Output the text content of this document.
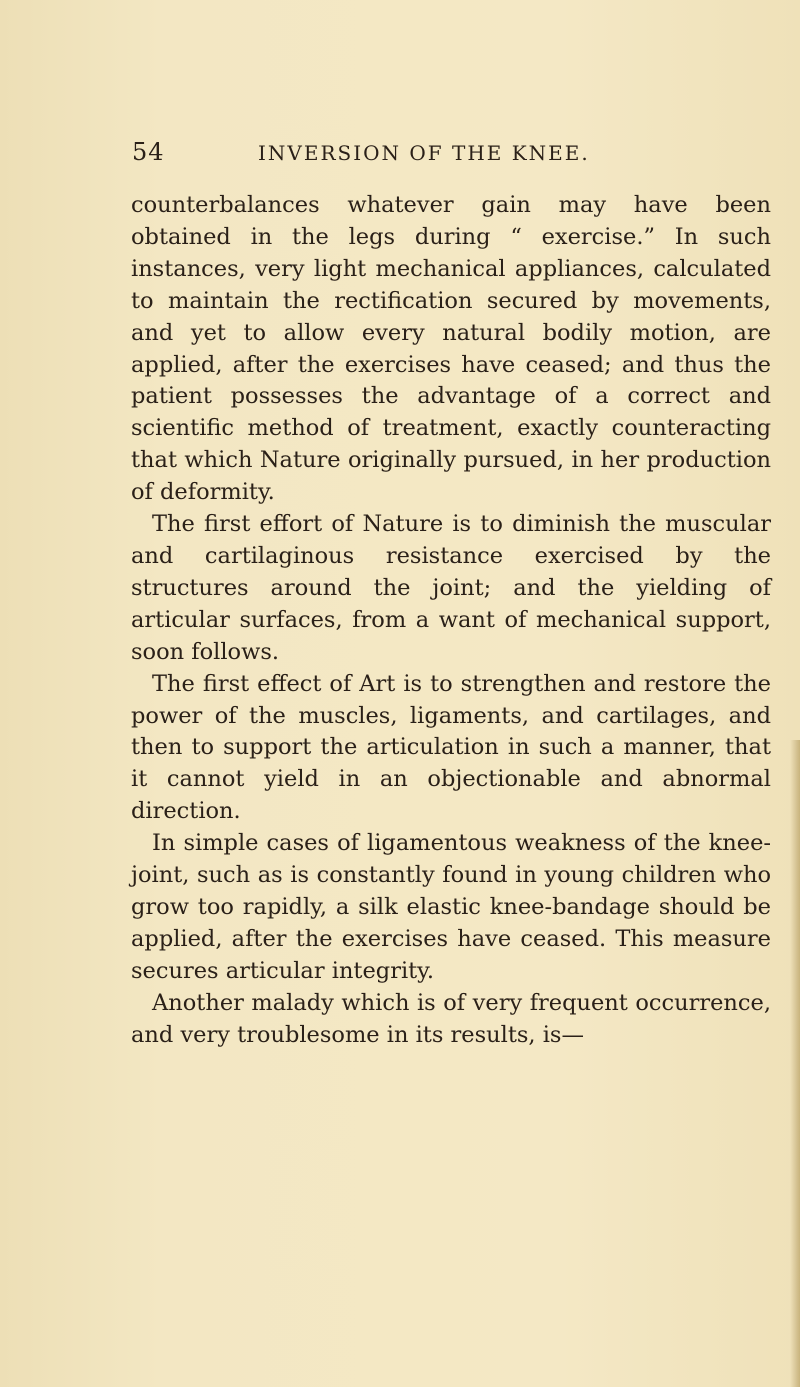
54	INVERSION OF THE KNEE.

counterbalances whatever gain may have been obtained in the legs during “ exercise.” In such instances, very light mechanical appliances, calculated to maintain the rectification secured by movements, and yet to allow every natural bodily motion, are applied, after the exercises have ceased; and thus the patient possesses the advantage of a correct and scientific method of treatment, exactly counteracting that which Nature originally pursued, in her production of deformity.

The first effort of Nature is to diminish the muscular and cartilaginous resistance exercised by the structures around the joint; and the yielding of articular surfaces, from a want of mechanical support, soon follows.

The first effect of Art is to strengthen and restore the power of the muscles, ligaments, and cartilages, and then to support the articulation in such a manner, that it cannot yield in an objectionable and abnormal direction.

In simple cases of ligamentous weakness of the knee-joint, such as is constantly found in young children who grow too rapidly, a silk elastic knee-bandage should be applied, after the exercises have ceased. This measure secures articular integrity.

Another malady which is of very frequent occurrence, and very troublesome in its results, is—
